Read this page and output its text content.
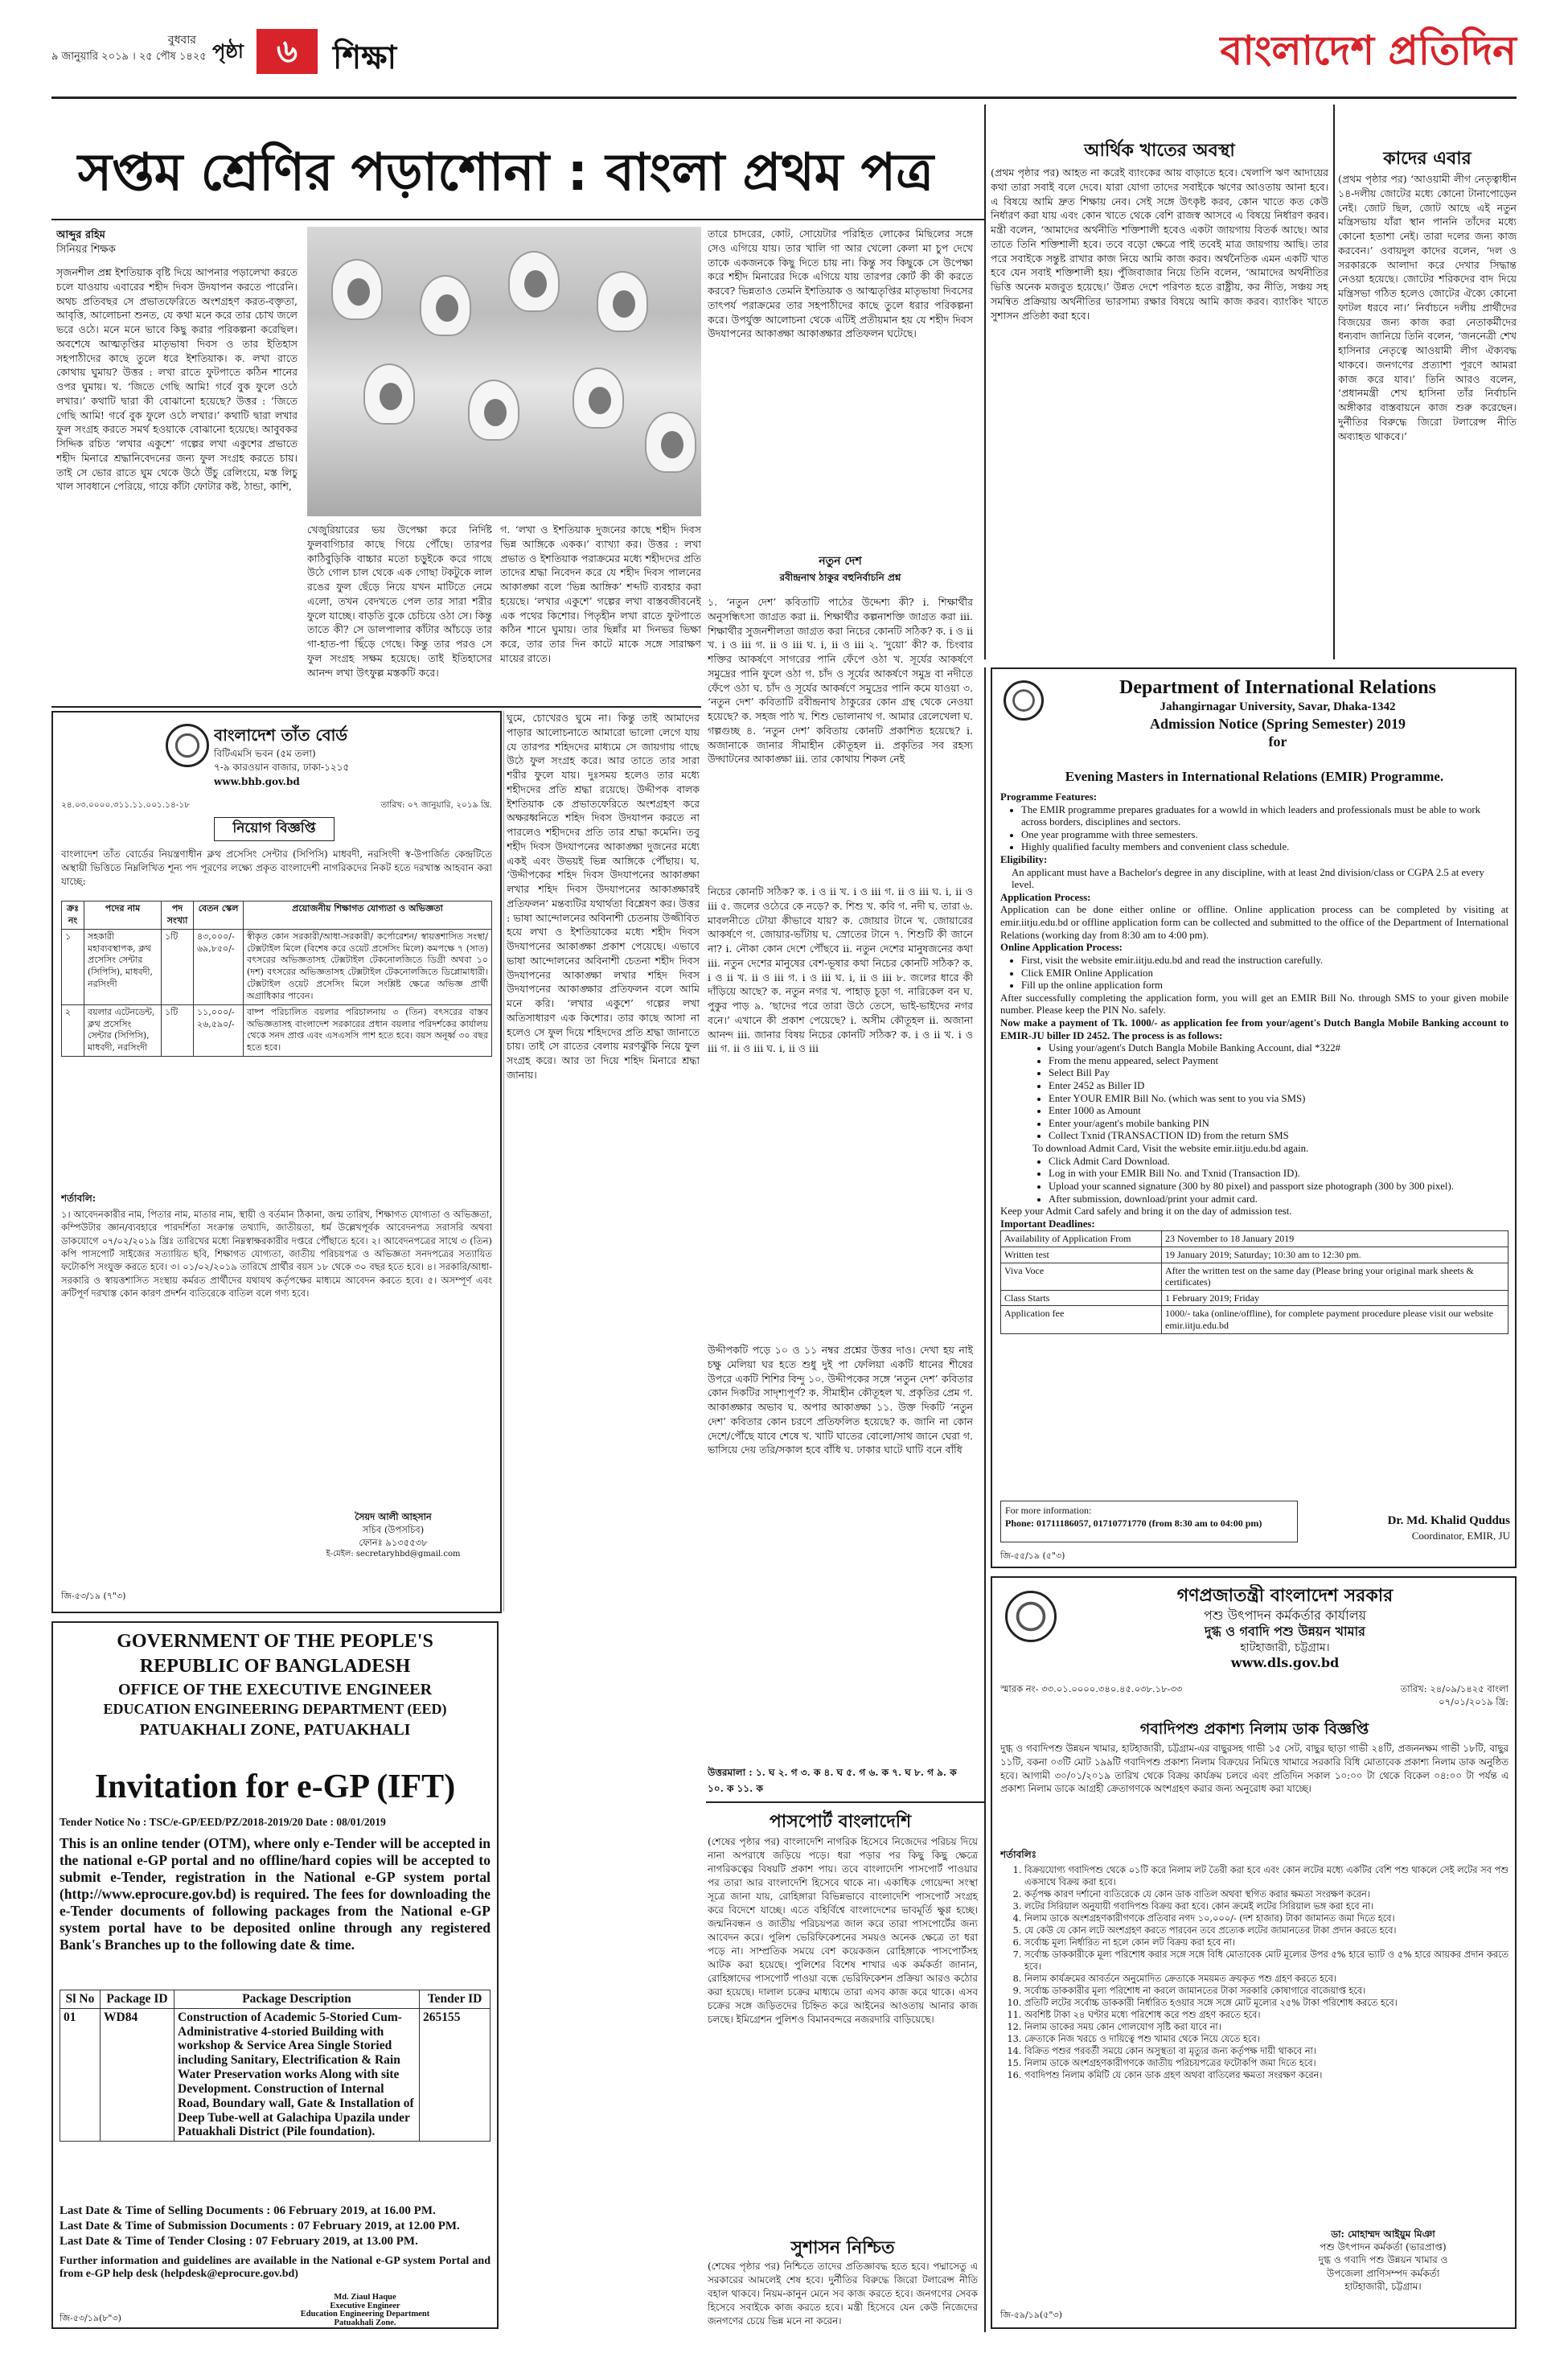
বুধবার
৯ জানুয়ারি ২০১৯ । ২৫ পৌষ ১৪২৫ পৃষ্ঠা	৬	শিক্ষা	বাংলাদেশ প্রতিদিন
সপ্তম শ্রেণির পড়াশোনা : বাংলা প্রথম পত্র
আব্দুর রহিম
সিনিয়র শিক্ষক
সৃজনশীল প্রশ্ন ইশতিয়াক বৃষ্টি দিয়ে আপনার পড়ালেখা করতে চলে যাওয়ায় এবারের শহীদ দিবস উদযাপন করতে পারেনি। অথচ প্রতিবছর সে প্রভাতফেরিতে অংশগ্রহণ করত-বক্তৃতা, আবৃত্তি, আলোচনা শুনত, যে কথা মনে করে তার চোখ জলে ভরে ওঠে। মনে মনে ভাবে কিছু করার পরিকল্পনা করেছিল। অবশেষে আত্মতৃপ্তির মাতৃভাষা দিবস ও তার ইতিহাস সহপাঠীদের কাছে তুলে ধরে ইশতিয়াক। ক. লখা রাতে কোথায় ঘুমায়? উত্তর : লখা রাতে ফুটপাতে কঠিন শানের ওপর ঘুমায়। খ. ‘জিতে গেছি আমি! গর্বে বুক ফুলে ওঠে লখার।’ কথাটি দ্বারা কী বোঝানো হয়েছে? উত্তর : ‘জিতে গেছি আমি! গর্বে বুক ফুলে ওঠে লখার।’ কথাটি দ্বারা লখার ফুল সংগ্রহ করতে সমর্থ হওয়াকে বোঝানো হয়েছে। আবুবকর সিদ্দিক রচিত ‘লখার একুশে’ গল্পের লখা একুশের প্রভাতে শহীদ মিনারে শ্রদ্ধানিবেদনের জন্য ফুল সংগ্রহ করতে চায়। তাই সে ভোর রাতে ঘুম থেকে উঠে উঁচু রেলিংয়ে, মস্ত লিচু খাল সাবধানে পেরিয়ে, গায়ে কাঁটা ফোটার কষ্ট, ঠান্ডা, কাশি,
খেজুরিয়ারের ভয় উপেক্ষা করে নির্দিষ্ট ফুলবাগিচার কাছে গিয়ে পৌঁছে। তারপর কাঠিবুড়িকি বাচ্চার মতো চড়ুইকে করে গাছে উঠে গোল চাল থেকে এক গোছা টকটুকে লাল রঙের ফুল ছেঁড়ে নিয়ে যখন মাটিতে নেমে এলো, তখন বেদখতে পেল তার সারা শরীর ফুলে যাচ্ছে। বাড়তি বুকে চেচিয়ে ওঠা সে। কিন্তু তাতে কী? সে ডালপালার কাঁটার আঁচড়ে তার গা-হাত-পা ছিঁড়ে গেছে। কিন্তু তার পরও সে ফুল সংগ্রহ সক্ষম হয়েছে। তাই ইতিহাসের আনন্দ লখা উৎফুল্ল মস্তকটি করে।
গ. ‘লখা ও ইশতিয়াক দুজনের কাছে শহীদ দিবস ভিন্ন আঙ্গিকে একক।’ ব্যাখ্যা কর। উত্তর : লখা প্রভাত ও ইশতিয়াক পরাক্রমের মধ্যে শহীদদের প্রতি তাদের শ্রদ্ধা নিবেদন করে যে শহীদ দিবস পালনের আকাঙ্ক্ষা বলে ‘ভিন্ন আঙ্গিক’ শব্দটি ব্যবহার করা হয়েছে। ‘লখার একুশে’ গল্পের লখা বাস্তবজীবনেই এক পথের কিশোর। পিতৃহীন লখা রাতে ফুটপাতে কঠিন শানে ঘুমায়। তার ছিন্নাঁর মা দিনভর ভিক্ষা করে, তার তার দিন কাটে মাকে সঙ্গে সারাক্ষণ মায়ের রাতে।
তারে চাদরের, কোট, সোয়েটার পরিহিত লোকের মিছিলের সঙ্গে সেও এগিয়ে যায়। তার খালি গা আর খেলো কেলা মা চুপ দেখে তাকে একজনকে কিছু দিতে চায় না। কিন্তু সব কিছুকে সে উপেক্ষা করে শহীদ মিনারের দিকে এগিয়ে যায় তারপর কোর্ট কী কী করতে করবে? ভিন্নতাও তেমনি ইশতিয়াক ও আত্মতৃপ্তির মাতৃভাষা দিবসের তাৎপর্য পরাক্রমের তার সহপাঠীদের কাছে তুলে ধরার পরিকল্পনা করে। উপর্যুক্ত আলোচনা থেকে এটিই প্রতীয়মান হয় যে শহীদ দিবস উদযাপনের আকাঙ্ক্ষা আকাঙ্ক্ষার প্রতিফলন ঘটেছে।
নতুন দেশ
রবীন্দ্রনাথ ঠাকুর বহুনির্বাচনি প্রশ্ন
১. ‘নতুন দেশ’ কবিতাটি পাঠের উদ্দেশ্য কী? i. শিক্ষার্থীর অনুসন্ধিৎসা জাগ্রত করা ii. শিক্ষার্থীর কল্পনাশক্তি জাগ্রত করা iii. শিক্ষার্থীর সুজনশীলতা জাগ্রত করা নিচের কোনটি সঠিক? ক. i ও ii খ. i ও iii গ. ii ও iii ঘ. i, ii ও iii ২. ‘দুয়ো’ কী? ক. চিংবার শক্তির আকর্ষণে সাগরের পানি ফেঁপে ওঠা খ. সূর্যের আকর্ষণে সমুদ্রের পানি ফুলে ওঠা গ. চাঁদ ও সূর্যের আকর্ষণে সমুদ্র বা নদীতে ফেঁপে ওঠা ঘ. চাঁদ ও সূর্যের আকর্ষণে সমুদ্রের পানি কমে যাওয়া ৩. ‘নতুন দেশ’ কবিতাটি রবীন্দ্রনাথ ঠাকুরের কোন গ্রন্থ থেকে নেওয়া হয়েছে? ক. সহজ পাঠ খ. শিশু ভোলানাথ গ. আমার রেলেখেলা ঘ. গল্পগুচ্ছ ৪. ‘নতুন দেশ’ কবিতায় কোনটি প্রকাশিত হয়েছে? i. অজানাকে জানার সীমাহীন কৌতূহল ii. প্রকৃতির সব রহস্য উদ্ঘাটনের আকাঙ্ক্ষা iii. তার কোথায় শিকল নেই
ঘুমে, চোখেরও ঘুমে না। কিন্তু তাই আমাদের পাড়ার আলোচনাতে আমারো ভালো লেগে যায় যে তারপর শহিদদের মাধ্যমে সে জায়গায় গাছে উঠে ফুল সংগ্রহ করে। আর তাতে তার সারা শরীর ফুলে যায়। দুঃসময় হলেও তার মধ্যে শহীদদের প্রতি শ্রদ্ধা রয়েছে। উদ্দীপক বালক ইশতিয়াক কে প্রভাতফেরিতে অংশগ্রহণ করে অক্ষরধ্বনিতে শহিদ দিবস উদযাপন করতে না পারলেও শহীদদের প্রতি তার শ্রদ্ধা কমেনি। তবু শহীদ দিবস উদযাপনের আকাঙ্ক্ষা দুজনের মধ্যে একই এবং উভয়ই ভিন্ন আঙ্গিকে পৌঁছায়। ঘ. ‘উদ্দীপকের শহিদ দিবস উদযাপনের আকাঙ্ক্ষা লখার শহিদ দিবস উদযাপনের আকাঙ্ক্ষারই প্রতিফলন’ মন্তব্যটির যথার্থতা বিশ্লেষণ কর। উত্তর : ভাষা আন্দোলনের অবিনাশী চেতনায় উজ্জীবিত হয়ে লখা ও ইশতিয়াকের মধ্যে শহীদ দিবস উদযাপনের আকাঙ্ক্ষা প্রকাশ পেয়েছে। এভাবে ভাষা আন্দোলনের অবিনাশী চেতনা শহীদ দিবস উদযাপনের আকাঙ্ক্ষা লখার শহিদ দিবস উদযাপনের আকাঙ্ক্ষার প্রতিফলন বলে আমি মনে করি। ‘লখার একুশে’ গল্পের লখা অতিসাধারণ এক কিশোর। তার কাছে আসা না হলেও সে ফুল দিয়ে শহিদদের প্রতি শ্রদ্ধা জানাতে চায়। তাই সে রাতের বেলায় মরণঝুঁকি নিয়ে ফুল সংগ্রহ করে। আর তা দিয়ে শহিদ মিনারে শ্রদ্ধা জানায়।
নিচের কোনটি সঠিক? ক. i ও ii খ. i ও iii গ. ii ও iii ঘ. i, ii ও iii ৫. জলের ওঠেরে কে নড়ে? ক. শিশু খ. কবি গ. নদী ঘ. তারা ৬. মাবলনীতে ঢৌয়া কীভাবে যায়? ক. জোয়ার টানে খ. জোয়ারের আকর্ষণে গ. জোয়ার-ভাঁটায় ঘ. স্রোতের টানে ৭. শিশুটি কী জানে না? i. নৌকা কোন দেশে পৌঁছবে ii. নতুন দেশের মানুষজনের কথা iii. নতুন দেশের মানুষের বেশ-ভূষার কথা নিচের কোনটি সঠিক? ক. i ও ii খ. ii ও iii গ. i ও iii ঘ. i, ii ও iii ৮. জলের ধারে কী দাঁড়িয়ে আছে? ক. নতুন নগর খ. পাহাড় চূড়া গ. নারিকেল বন ঘ. পুকুর পাড় ৯. ‘ছাদের পরে তারা উঠে তেসে, ভাই-ভাইদের নগর বনে।’ এখানে কী প্রকাশ পেয়েছে? i. অসীম কৌতূহল ii. অজানা আনন্দ iii. জানার বিষয় নিচের কোনটি সঠিক? ক. i ও ii খ. i ও iii গ. ii ও iii ঘ. i, ii ও iii
উদ্দীপকটি পড়ে ১০ ও ১১ নম্বর প্রশ্নের উত্তর দাও। দেখা হয় নাই চক্ষু মেলিয়া ঘর হতে শুধু দুই পা ফেলিয়া একটি ধানের শীষের উপরে একটি শিশির বিন্দু ১০. উদ্দীপকের সঙ্গে ‘নতুন দেশ’ কবিতার কোন দিকটির সাদৃশ্যপূর্ণ? ক. সীমাহীন কৌতূহল খ. প্রকৃতির প্রেম গ. আকাঙ্ক্ষার অভাব ঘ. অপার আকাঙ্ক্ষা ১১. উক্ত দিকটি ‘নতুন দেশ’ কবিতার কোন চরণে প্রতিফলিত হয়েছে? ক. জানি না কোন দেশে/পৌঁছে যাবে শেষে খ. খাটি ঘাতের বোলো/সাথ জানে ঘেরা গ. ভাসিয়ে দেয় তরি/সকাল হবে বাঁধি ঘ. ঢাকার ঘাটে ঘাটি বনে বাঁধি
উত্তরমালা : ১. ঘ ২. গ ৩. ক ৪. ঘ ৫. গ ৬. ক ৭. ঘ ৮. গ ৯. ক ১০. ক ১১. ক
আর্থিক খাতের অবস্থা
(প্রথম পৃষ্ঠার পর) আহত না করেই ব্যাংকের আয় বাড়াতে হবে। খেলাপি ঋণ আদায়ের কথা তারা সবাই বলে দেবে। যারা যোগা তাদের সবাইকে ঋণের আওতায় আনা হবে। এ বিষয়ে আমি দ্রুত শিক্ষায় নেব। সেই সঙ্গে উৎকৃষ্ট করব, কোন খাতে কত কেউ নির্ধারণ করা যায় এবং কোন খাতে থেকে বেশি রাজস্ব আসবে এ বিষয়ে নির্ধারণ করব। মন্ত্রী বলেন, ‘আমাদের অর্থনীতি শক্তিশালী হবেও একটা জায়গায় বিতর্ক আছে। আর তাতে তিনি শক্তিশালী হবে। তবে বড়ো ক্ষেত্রে পাই তবেই মাত্র জায়গায় আছি। তার পরে সবাইকে সন্তুষ্ট রাখার কাজ নিয়ে আমি কাজ করব। অর্থনৈতিক এমন একটি খাত হবে যেন সবাই শক্তিশালী হয়। পুঁজিবাজার নিয়ে তিনি বলেন, ‘আমাদের অর্থনীতির ভিত্তি অনেক মজবুত হয়েছে।’ উন্নত দেশে পরিণত হতে রাষ্ট্রীয়, কর নীতি, সঞ্চয় সহ সমন্বিত প্রক্রিয়ায় অর্থনীতির ভারসাম্য রক্ষার বিষয়ে আমি কাজ করব। ব্যাংকিং খাতে সুশাসন প্রতিষ্ঠা করা হবে।
কাদের এবার
(প্রথম পৃষ্ঠার পর) ‘আওয়ামী লীগ নেতৃত্বাধীন ১৪-দলীয় জোটের মধ্যে কোনো টানাপোড়েন নেই। জোট ছিল, জোট আছে এই নতুন মন্ত্রিসভায় যাঁরা স্থান পাননি তাঁদের মধ্যে কোনো হতাশা নেই। তারা দলের জন্য কাজ করবেন।’ ওবায়দুল কাদের বলেন, ‘দল ও সরকারকে আলাদা করে দেখার সিদ্ধান্ত নেওয়া হয়েছে। জোটের শরিকদের বাদ দিয়ে মন্ত্রিসভা গঠিত হলেও জোটের ঐক্যে কোনো ফাটল ধরবে না।’ নির্বাচনে দলীয় প্রার্থীদের বিজয়ের জন্য কাজ করা নেতাকর্মীদের ধন্যবাদ জানিয়ে তিনি বলেন, ‘জননেত্রী শেখ হাসিনার নেতৃত্বে আওয়ামী লীগ ঐক্যবদ্ধ থাকবে। জনগণের প্রত্যাশা পূরণে আমরা কাজ করে যাব।’ তিনি আরও বলেন, ‘প্রধানমন্ত্রী শেখ হাসিনা তাঁর নির্বাচনি অঙ্গীকার বাস্তবায়নে কাজ শুরু করেছেন। দুর্নীতির বিরুদ্ধে জিরো টলারেন্স নীতি অব্যাহত থাকবে।’
বাংলাদেশ তাঁত বোর্ড
বিটিএমসি ভবন (৫ম তলা)
৭-৯ কারওয়ান বাজার, ঢাকা-১২১৫
www.bhb.gov.bd
২৪.০৩.০০০০.৩১১.১১.০০১.১৪-১৮	তারিখ: ০৭ জানুয়ারি, ২০১৯ খ্রি.
নিয়োগ বিজ্ঞপ্তি
বাংলাদেশ তাঁত বোর্ডের নিয়ন্ত্রণাধীন ক্লথ প্রসেসিং সেন্টার (সিপিসি) মাধবদী, নরসিংদী স্ব-উপার্জিত কেন্দ্রটিতে অস্থায়ী ভিত্তিতে নিম্নলিখিত শূন্য পদ পূরণের লক্ষ্যে প্রকৃত বাংলাদেশী নাগরিকদের নিকট হতে দরখাস্ত আহবান করা যাচ্ছে:
ক্রঃ নং	পদের নাম	পদ সংখ্যা	বেতন স্কেল	প্রয়োজনীয় শিক্ষাগত যোগ্যতা ও অভিজ্ঞতা
১	সহকারী মহাব্যবস্থাপক, ক্লথ প্রসেসিং সেন্টার (সিপিসি), মাধবদী, নরসিংদী	১টি	৪৩,০০০/- ৬৯,৮৫০/-	স্বীকৃত কোন সরকারী/আধা-সরকারী/ কর্পোরেশন/ স্বায়ত্তশাসিত সংস্থা/ টেক্সটাইল মিলে (বিশেষ করে ওয়েট প্রসেসিং মিলে) কমপক্ষে ৭ (সাত) বৎসরের অভিজ্ঞতাসহ টেক্সটাইল টেকনোলজিতে ডিগ্রী অথবা ১০ (দশ) বৎসরের অভিজ্ঞতাসহ টেক্সটাইল টেকনোলজিতে ডিপ্লোমাধারী। টেক্সটাইল ওয়েট প্রসেসিং মিলে সংশ্লিষ্ট ক্ষেত্রে অভিজ্ঞ প্রার্থী অগ্রাধিকার পাবেন।
২	বয়লার এটেনডেন্ট, ক্লথ প্রসেসিং সেন্টার (সিপিসি), মাধবদী, নরসিংদী	১টি	১১,০০০/- ২৬,৫৯০/-	বাষ্প পরিচালিত বয়লার পরিচালনায় ৩ (তিন) বৎসরের বাস্তব অভিজ্ঞতাসহ বাংলাদেশ সরকারের প্রধান বয়লার পরিদর্শকের কার্যালয় থেকে সনদ প্রাপ্ত এবং এসএসসি পাশ হতে হবে। বয়স অনূর্ধ্ব ৩০ বছর হতে হবে।
শর্তাবলি:
১। আবেদনকারীর নাম, পিতার নাম, মাতার নাম, স্থায়ী ও বর্তমান ঠিকানা, জন্ম তারিখ, শিক্ষাগত যোগ্যতা ও অভিজ্ঞতা, কম্পিউটার জ্ঞান/ব্যবহারে পারদর্শিতা সংক্রান্ত তথ্যাদি, জাতীয়তা, ধর্ম উল্লেখপূর্বক আবেদনপত্র সরাসরি অথবা ডাকযোগে ০৭/০২/২০১৯ খ্রিঃ তারিখের মধ্যে নিম্নস্বাক্ষরকারীর দপ্তরে পৌঁছাতে হবে। ২। আবেদনপত্রের সাথে ৩ (তিন) কপি পাসপোর্ট সাইজের সত্যায়িত ছবি, শিক্ষাগত যোগ্যতা, জাতীয় পরিচয়পত্র ও অভিজ্ঞতা সনদপত্রের সত্যায়িত ফটোকপি সংযুক্ত করতে হবে। ৩। ০১/০২/২০১৯ তারিখে প্রার্থীর বয়স ১৮ থেকে ৩০ বছর হতে হবে। ৪। সরকারি/আধা-সরকারি ও স্বায়ত্তশাসিত সংস্থায় কর্মরত প্রার্থীদের যথাযথ কর্তৃপক্ষের মাধ্যমে আবেদন করতে হবে। ৫। অসম্পূর্ণ এবং ক্রটিপূর্ণ দরখাস্ত কোন কারণ প্রদর্শন ব্যতিরেকে বাতিল বলে গণ্য হবে।
সৈয়দ আলী আহসান
সচিব (উপসচিব)
ফোনঃ ৯১৩৫৫৩৮
ই-মেইল: secretaryhbd@gmail.com
জি-৫৩/১৯ (৭"৩)
GOVERNMENT OF THE PEOPLE'S
REPUBLIC OF BANGLADESH
OFFICE OF THE EXECUTIVE ENGINEER
EDUCATION ENGINEERING DEPARTMENT (EED)
PATUAKHALI ZONE, PATUAKHALI
Invitation for e-GP (IFT)
Tender Notice No : TSC/e-GP/EED/PZ/2018-2019/20 Date : 08/01/2019
This is an online tender (OTM), where only e-Tender will be accepted in the national e-GP portal and no offline/hard copies will be accepted to submit e-Tender, registration in the National e-GP system portal (http://www.eprocure.gov.bd) is required. The fees for downloading the e-Tender documents of following packages from the National e-GP system portal have to be deposited online through any registered Bank's Branches up to the following date & time.
Sl No	Package ID	Package Description	Tender ID
01	WD84	Construction of Academic 5-Storied Cum-Administrative 4-storied Building with workshop & Service Area Single Storied including Sanitary, Electrification & Rain Water Preservation works Along with site Development. Construction of Internal Road, Boundary wall, Gate & Installation of Deep Tube-well at Galachipa Upazila under Patuakhali District (Pile foundation).	265155
Last Date & Time of Selling Documents : 06 February 2019, at 16.00 PM.
Last Date & Time of Submission Documents : 07 February 2019, at 12.00 PM.
Last Date & Time of Tender Closing : 07 February 2019, at 13.00 PM.
Further information and guidelines are available in the National e-GP system Portal and from e-GP help desk (helpdesk@eprocure.gov.bd)
Md. Ziaul Haque
Executive Engineer
Education Engineering Department
Patuakhali Zone.
জি-৫৩/১৯(৮"৩)
পাসপোর্ট বাংলাদেশি
(শেষের পৃষ্ঠার পর) বাংলাদেশি নাগরিক হিসেবে নিজেদের পরিচয় দিয়ে নানা অপরাধে জড়িয়ে পড়ে। ধরা পড়ার পর কিছু কিছু ক্ষেত্রে নাগরিকত্বের বিষয়টি প্রকাশ পায়। তবে বাংলাদেশি পাসপোর্ট পাওয়ার পর তারা আর বাংলাদেশি হিসেবে থাকে না। একাধিক গোয়েন্দা সংস্থা সূত্রে জানা যায়, রোহিঙ্গারা বিভিন্নভাবে বাংলাদেশি পাসপোর্ট সংগ্রহ করে বিদেশে যাচ্ছে। এতে বহির্বিশ্বে বাংলাদেশের ভাবমূর্তি ক্ষুণ্ণ হচ্ছে। জন্মনিবন্ধন ও জাতীয় পরিচয়পত্র জাল করে তারা পাসপোর্টের জন্য আবেদন করে। পুলিশ ভেরিফিকেশনের সময়ও অনেক ক্ষেত্রে তা ধরা পড়ে না। সাম্প্রতিক সময়ে বেশ কয়েকজন রোহিঙ্গাকে পাসপোর্টসহ আটক করা হয়েছে। পুলিশের বিশেষ শাখার এক কর্মকর্তা জানান, রোহিঙ্গাদের পাসপোর্ট পাওয়া বন্ধে ভেরিফিকেশন প্রক্রিয়া আরও কঠোর করা হয়েছে। দালাল চক্রের মাধ্যমে তারা এসব কাজ করে থাকে। এসব চক্রের সঙ্গে জড়িতদের চিহ্নিত করে আইনের আওতায় আনার কাজ চলছে। ইমিগ্রেশন পুলিশও বিমানবন্দরে নজরদারি বাড়িয়েছে।
সুশাসন নিশ্চিত
(শেষের পৃষ্ঠার পর) নিশ্চিতে তাদের প্রতিজ্ঞাবদ্ধ হতে হবে। পদ্মাসেতু এ সরকারের আমলেই শেষ হবে। দুর্নীতির বিরুদ্ধে জিরো টলারেন্স নীতি বহাল থাকবে। নিয়ম-কানুন মেনে সব কাজ করতে হবে। জনগণের সেবক হিসেবে সবাইকে কাজ করতে হবে। মন্ত্রী হিসেবে যেন কেউ নিজেদের জনগণের চেয়ে ভিন্ন মনে না করেন।
Department of International Relations
Jahangirnagar University, Savar, Dhaka-1342
Admission Notice (Spring Semester) 2019
for
Evening Masters in International Relations (EMIR) Programme.
Programme Features:
• The EMIR programme prepares graduates for a wowld in which leaders and professionals must be able to work across borders, disciplines and sectors.
• One year programme with three semesters.
• Highly qualified faculty members and convenient class schedule.
Eligibility:
An applicant must have a Bachelor's degree in any discipline, with at least 2nd division/class or CGPA 2.5 at every level.
Application Process:
Application can be done either online or offline. Online application process can be completed by visiting at emir.iitju.edu.bd or offline application form can be collected and submitted to the office of the Department of International Relations (working day from 8:30 am to 4:00 pm).
Online Application Process:
• First, visit the website emir.iitju.edu.bd and read the instruction carefully.
• Click EMIR Online Application
• Fill up the online application form
After successfully completing the application form, you will get an EMIR Bill No. through SMS to your given mobile number. Please keep the PIN No. safely.
Now make a payment of Tk. 1000/- as application fee from your/agent's Dutch Bangla Mobile Banking account to EMIR-JU biller ID 2452. The process is as follows:
• Using your/agent's Dutch Bangla Mobile Banking Account, dial *322#
• From the menu appeared, select Payment
• Select Bill Pay
• Enter 2452 as Biller ID
• Enter YOUR EMIR Bill No. (which was sent to you via SMS)
• Enter 1000 as Amount
• Enter your/agent's mobile banking PIN
• Collect Txnid (TRANSACTION ID) from the return SMS
To download Admit Card, Visit the website emir.iitju.edu.bd again.
• Click Admit Card Download.
• Log in with your EMIR Bill No. and Txnid (Transaction ID).
• Upload your scanned signature (300 by 80 pixel) and passport size photograph (300 by 300 pixel).
• After submission, download/print your admit card.
Keep your Admit Card safely and bring it on the day of admission test.
Important Deadlines:
Availability of Application From	23 November to 18 January 2019
Written test	19 January 2019; Saturday; 10:30 am to 12:30 pm.
Viva Voce	After the written test on the same day (Please bring your original mark sheets & certificates)
Class Starts	1 February 2019; Friday
Application fee	1000/- taka (online/offline), for complete payment procedure please visit our website emir.iitju.edu.bd
For more information:
Phone: 01711186057, 01710771770 (from 8:30 am to 04:00 pm)	Dr. Md. Khalid Quddus
Coordinator, EMIR, JU
জি-৫৫/১৯ (৫"৩)
গণপ্রজাতন্ত্রী বাংলাদেশ সরকার
পশু উৎপাদন কর্মকর্তার কার্যালয়
দুগ্ধ ও গবাদি পশু উন্নয়ন খামার
হাটহাজারী, চট্টগ্রাম।
www.dls.gov.bd
স্মারক নং- ৩৩.০১.০০০০.৩৪০.৪৫.০৩৮.১৮-৩৩	তারিখ: ২৪/০৯/১৪২৫ বাংলা
০৭/০১/২০১৯ খ্রি:
গবাদিপশু প্রকাশ্য নিলাম ডাক বিজ্ঞপ্তি
দুগ্ধ ও গবাদিপশু উন্নয়ন খামার, হাটহাজারী, চট্টগ্রাম-এর বাছুরসহ গাভী ১৫ সেট, বাছুর ছাড়া গাভী ২৪টি, প্রজননক্ষম গাভী ১৮টি, বাছুর ১১টি, বকনা ০৩টি মোট ১৯৯টি গবাদিপশু প্রকাশ্য নিলাম বিক্রয়ের নিমিত্তে খামারে সরকারি বিধি মোতাবেক প্রকাশ্য নিলাম ডাক অনুষ্ঠিত হবে। আগামী ৩০/০১/২০১৯ তারিখ থেকে বিক্রয় কার্যক্রম চলবে এবং প্রতিদিন সকাল ১০:০০ টা থেকে বিকেল ০৪:০০ টা পর্যন্ত এ প্রকাশ্য নিলাম ডাকে আগ্রহী ক্রেতাগণকে অংশগ্রহণ করার জন্য অনুরোধ করা যাচ্ছে।
শর্তাবলিঃ
1. বিক্রয়যোগ্য গবাদিপশু থেকে ০১টি করে নিলাম লট তৈরী করা হবে এবং কোন লটের মধ্যে একটির বেশি পশু থাকলে সেই লটের সব পশু একসাথে বিক্রয় করা হবে।
2. কর্তৃপক্ষ কারণ দর্শানো ব্যতিরেকে যে কোন ডাক বাতিল অথবা স্থগিত করার ক্ষমতা সংরক্ষণ করেন।
3. লটের সিরিয়াল অনুযায়ী গবাদিপশু বিক্রয় করা হবে। কোন ক্রমেই লটের সিরিয়াল ভঙ্গ করা হবে না।
4. নিলাম ডাকে অংশগ্রহণকারীগণকে প্রতিবার নগদ ১০,০০০/- (দশ হাজার) টাকা জামানত জমা দিতে হবে।
5. যে কেউ যে কোন লটে অংশগ্রহণ করতে পারবেন তবে প্রত্যেক লটের জামানতের টাকা প্রদান করতে হবে।
6. সর্বোচ্চ মূল্য নির্ধারিত না হলে কোন লট বিক্রয় করা হবে না।
7. সর্বোচ্চ ডাককারীকে মূল্য পরিশোধ করার সঙ্গে সঙ্গে বিধি মোতাবেক মোট মূল্যের উপর ৫% হারে ভ্যাট ও ৫% হারে আয়কর প্রদান করতে হবে।
8. নিলাম কার্যক্রমের আবর্তনে অনুমোদিত ক্রেতাকে সময়মত ক্রয়কৃত পশু গ্রহণ করতে হবে।
9. সর্বোচ্চ ডাককারীর মূল্য পরিশোধ না করলে জামানতের টাকা সরকারি কোষাগারে বাজেয়াপ্ত হবে।
10. প্রতিটি লটের সর্বোচ্চ ডাককারী নির্ধারিত হওয়ার সঙ্গে সঙ্গে মোট মূল্যের ২৫% টাকা পরিশোধ করতে হবে।
11. অবশিষ্ট টাকা ২৪ ঘণ্টার মধ্যে পরিশোধ করে পশু গ্রহণ করতে হবে।
12. নিলাম ডাকের সময় কোন গোলযোগ সৃষ্টি করা যাবে না।
13. ক্রেতাকে নিজ খরচে ও দায়িত্বে পশু খামার থেকে নিয়ে যেতে হবে।
14. বিক্রিত পশুর পরবর্তী সময়ে কোন অসুস্থতা বা মৃত্যুর জন্য কর্তৃপক্ষ দায়ী থাকবে না।
15. নিলাম ডাকে অংশগ্রহণকারীগণকে জাতীয় পরিচয়পত্রের ফটোকপি জমা দিতে হবে।
16. গবাদিপশু নিলাম কমিটি যে কোন ডাক গ্রহণ অথবা বাতিলের ক্ষমতা সংরক্ষণ করেন।
ডা: মোহাম্মদ আইয়ুম মিঞা
পশু উৎপাদন কর্মকর্তা (ভারপ্রাপ্ত)
দুগ্ধ ও গবাদি পশু উন্নয়ন খামার ও
উপজেলা প্রাণিসম্পদ কর্মকর্তা
হাটহাজারী, চট্টগ্রাম।
জি-৫৯/১৯(৫"৩)
